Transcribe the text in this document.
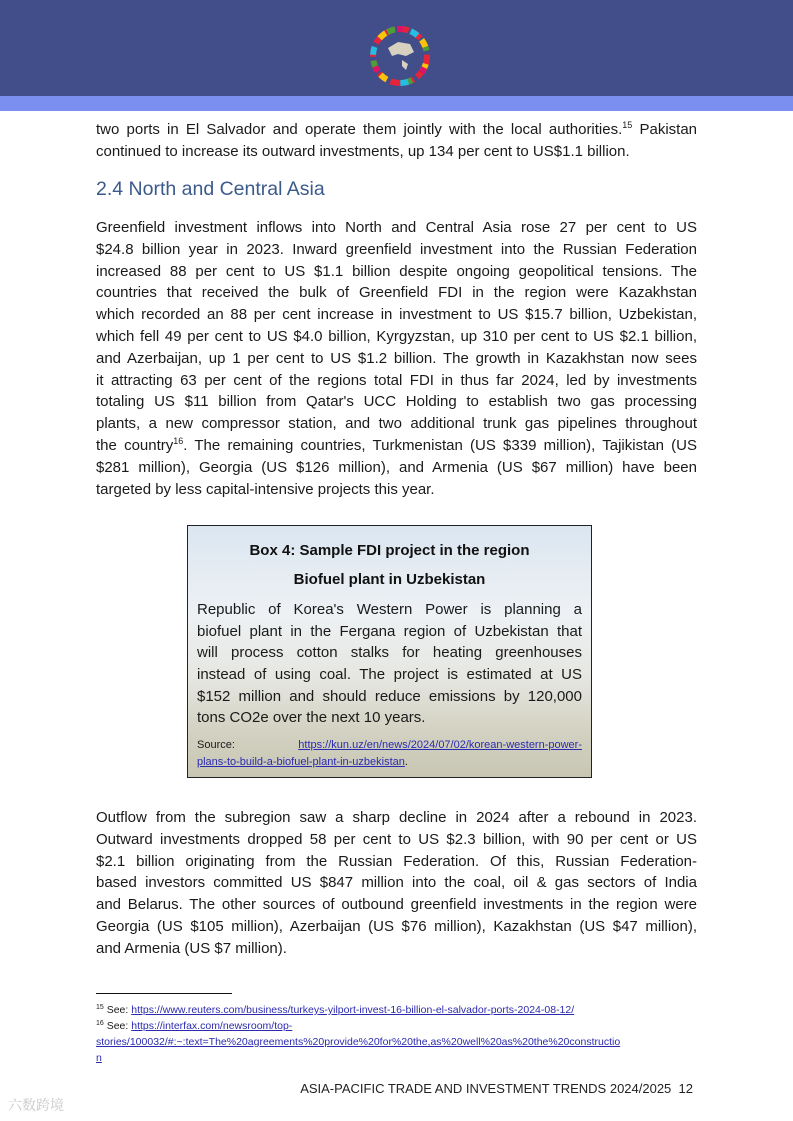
two ports in El Salvador and operate them jointly with the local authorities.$^{15}$ Pakistan
continued to increase its outward investments, up 134 per cent to US$1.1 billion.
2.4 North and Central Asia
Greenfield investment inflows into North and Central Asia rose 27 per cent to US
$24.8 billion year in 2023. Inward greenfield investment into the Russian Federation
increased 88 per cent to US $1.1 billion despite ongoing geopolitical tensions. The
countries that received the bulk of Greenfield FDI in the region were Kazakhstan
which recorded an 88 per cent increase in investment to US $15.7 billion, Uzbekistan,
which fell 49 per cent to US $4.0 billion, Kyrgyzstan, up 310 per cent to US $2.1 billion,
and Azerbaijan, up 1 per cent to US $1.2 billion. The growth in Kazakhstan now sees
it attracting 63 per cent of the regions total FDI in thus far 2024, led by investments
totaling US $11 billion from Qatar's UCC Holding to establish two gas processing
plants, a new compressor station, and two additional trunk gas pipelines throughout
the country$^{16}$. The remaining countries, Turkmenistan (US $339 million), Tajikistan (US
$281 million), Georgia (US $126 million), and Armenia (US $67 million) have been
targeted by less capital-intensive projects this year.
Box 4: Sample FDI project in the region
Biofuel plant in Uzbekistan
Republic of Korea's Western Power is planning a
biofuel plant in the Fergana region of Uzbekistan that
will process cotton stalks for heating greenhouses
instead of using coal. The project is estimated at US
$152 million and should reduce emissions by 120,000
tons CO2e over the next 10 years.
Source:	https://kun.uz/en/news/2024/07/02/korean-western-power-
plans-to-build-a-biofuel-plant-in-uzbekistan.
Outflow from the subregion saw a sharp decline in 2024 after a rebound in 2023.
Outward investments dropped 58 per cent to US $2.3 billion, with 90 per cent or US
$2.1 billion originating from the Russian Federation. Of this, Russian Federation-
based investors committed US $847 million into the coal, oil & gas sectors of India
and Belarus. The other sources of outbound greenfield investments in the region were
Georgia (US $105 million), Azerbaijan (US $76 million), Kazakhstan (US $47 million),
and Armenia (US $7 million).
$^{15}$ See: https://www.reuters.com/business/turkeys-yilport-invest-16-billion-el-salvador-ports-2024-08-12/
$^{16}$ See: https://interfax.com/newsroom/top-
stories/100032/#:~:text=The%20agreements%20provide%20for%20the,as%20well%20as%20the%20constructio
n
ASIA-PACIFIC TRADE AND INVESTMENT TRENDS 2024/2025 12
六数跨境
